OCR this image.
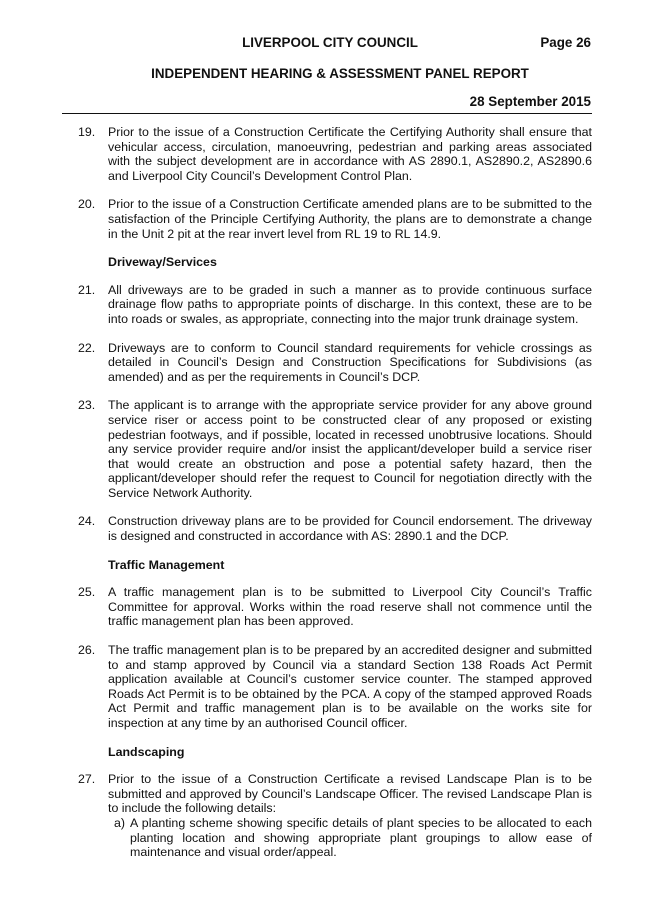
LIVERPOOL CITY COUNCIL	Page 26
INDEPENDENT HEARING & ASSESSMENT PANEL REPORT
28 September 2015
19.	Prior to the issue of a Construction Certificate the Certifying Authority shall ensure that vehicular access, circulation, manoeuvring, pedestrian and parking areas associated with the subject development are in accordance with AS 2890.1, AS2890.2, AS2890.6 and Liverpool City Council’s Development Control Plan.
20.	Prior to the issue of a Construction Certificate amended plans are to be submitted to the satisfaction of the Principle Certifying Authority, the plans are to demonstrate a change in the Unit 2 pit at the rear invert level from RL 19 to RL 14.9.
Driveway/Services
21.	All driveways are to be graded in such a manner as to provide continuous surface drainage flow paths to appropriate points of discharge. In this context, these are to be into roads or swales, as appropriate, connecting into the major trunk drainage system.
22.	Driveways are to conform to Council standard requirements for vehicle crossings as detailed in Council’s Design and Construction Specifications for Subdivisions (as amended) and as per the requirements in Council’s DCP.
23.	The applicant is to arrange with the appropriate service provider for any above ground service riser or access point to be constructed clear of any proposed or existing pedestrian footways, and if possible, located in recessed unobtrusive locations. Should any service provider require and/or insist the applicant/developer build a service riser that would create an obstruction and pose a potential safety hazard, then the applicant/developer should refer the request to Council for negotiation directly with the Service Network Authority.
24.	Construction driveway plans are to be provided for Council endorsement. The driveway is designed and constructed in accordance with AS: 2890.1 and the DCP.
Traffic Management
25.	A traffic management plan is to be submitted to Liverpool City Council’s Traffic Committee for approval. Works within the road reserve shall not commence until the traffic management plan has been approved.
26.	The traffic management plan is to be prepared by an accredited designer and submitted to and stamp approved by Council via a standard Section 138 Roads Act Permit application available at Council’s customer service counter. The stamped approved Roads Act Permit is to be obtained by the PCA. A copy of the stamped approved Roads Act Permit and traffic management plan is to be available on the works site for inspection at any time by an authorised Council officer.
Landscaping
27.	Prior to the issue of a Construction Certificate a revised Landscape Plan is to be submitted and approved by Council’s Landscape Officer. The revised Landscape Plan is to include the following details:
a) A planting scheme showing specific details of plant species to be allocated to each planting location and showing appropriate plant groupings to allow ease of maintenance and visual order/appeal.
